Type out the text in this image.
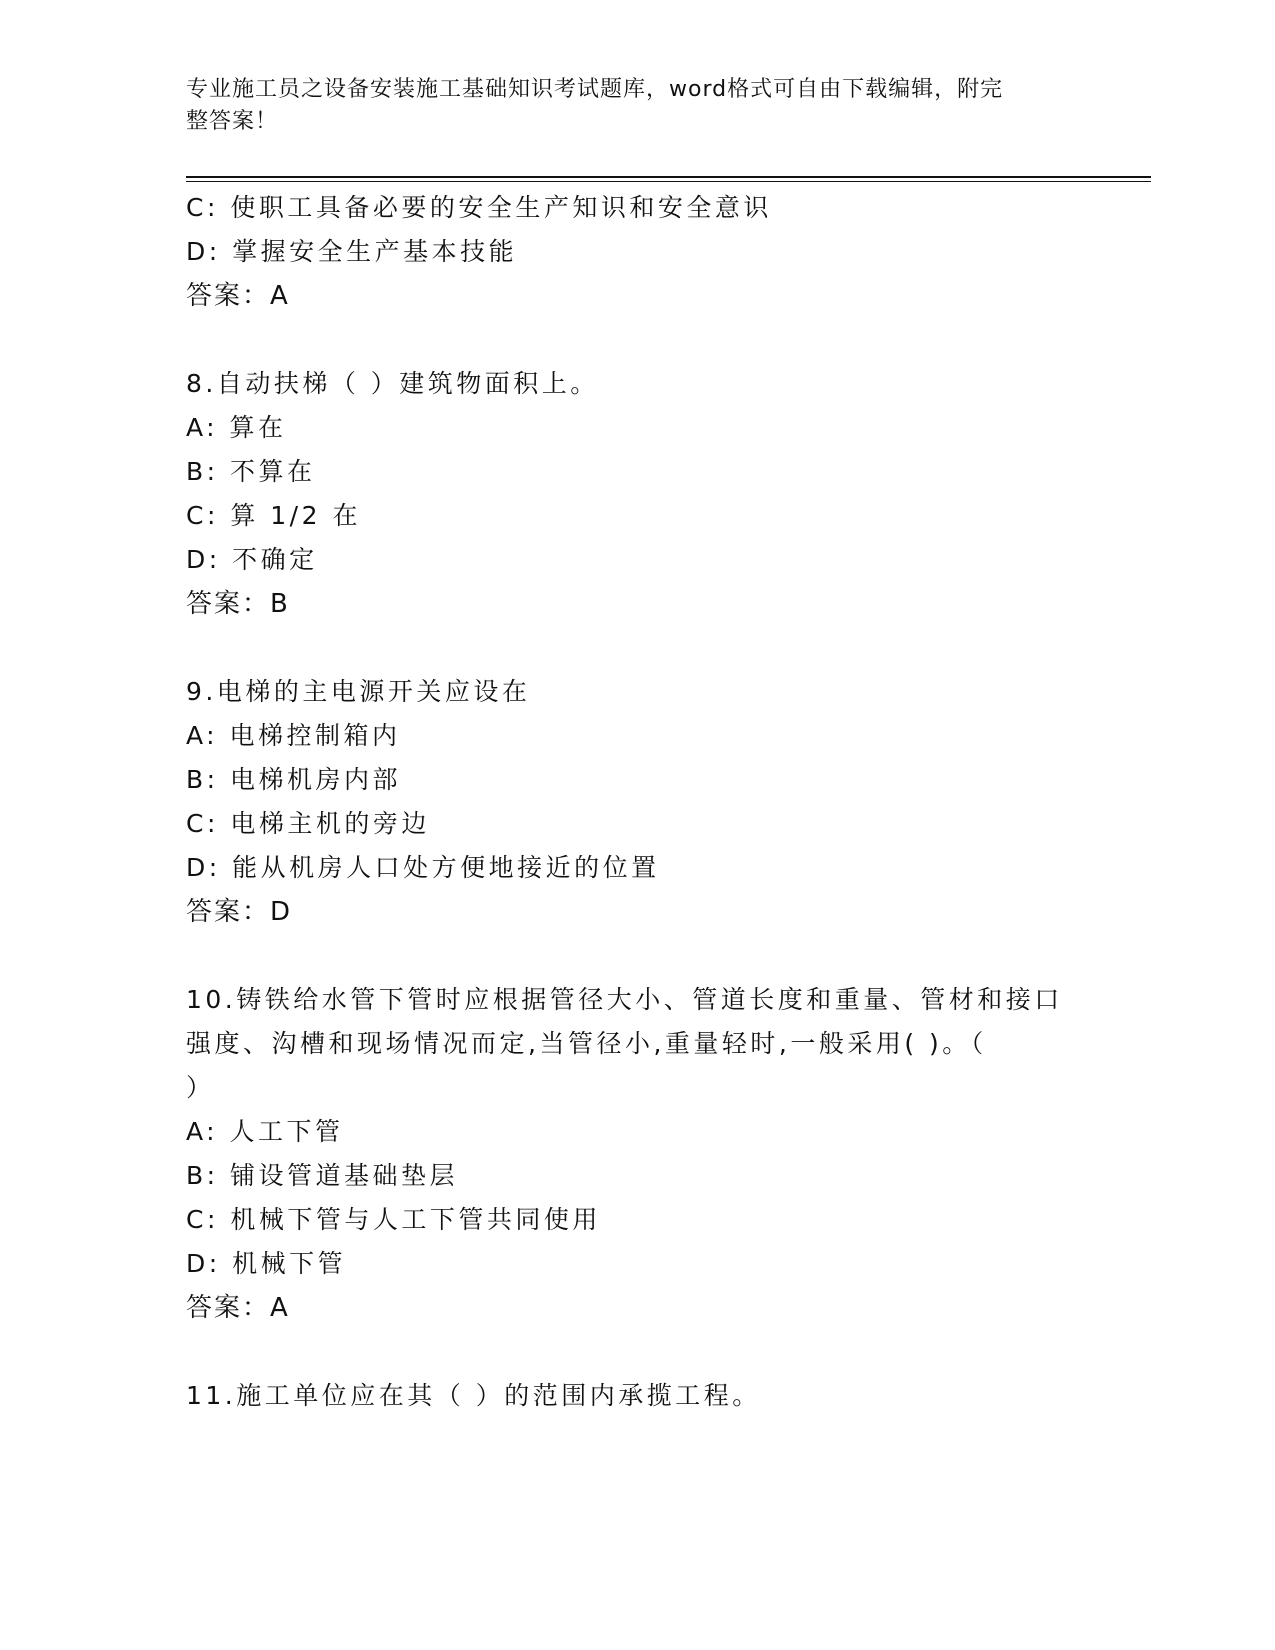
专业施工员之设备安装施工基础知识考试题库，word格式可自由下载编辑，附完
整答案！
C: 使职工具备必要的安全生产知识和安全意识
D: 掌握安全生产基本技能
答案：A
8.自动扶梯（ ）建筑物面积上。
A: 算在
B: 不算在
C: 算 1/2 在
D: 不确定
答案：B
9.电梯的主电源开关应设在
A: 电梯控制箱内
B: 电梯机房内部
C: 电梯主机的旁边
D: 能从机房人口处方便地接近的位置
答案：D
10.铸铁给水管下管时应根据管径大小、管道长度和重量、管材和接口
强度、沟槽和现场情况而定,当管径小,重量轻时,一般采用( )。（
）
A: 人工下管
B: 铺设管道基础垫层
C: 机械下管与人工下管共同使用
D: 机械下管
答案：A
11.施工单位应在其（ ）的范围内承揽工程。
